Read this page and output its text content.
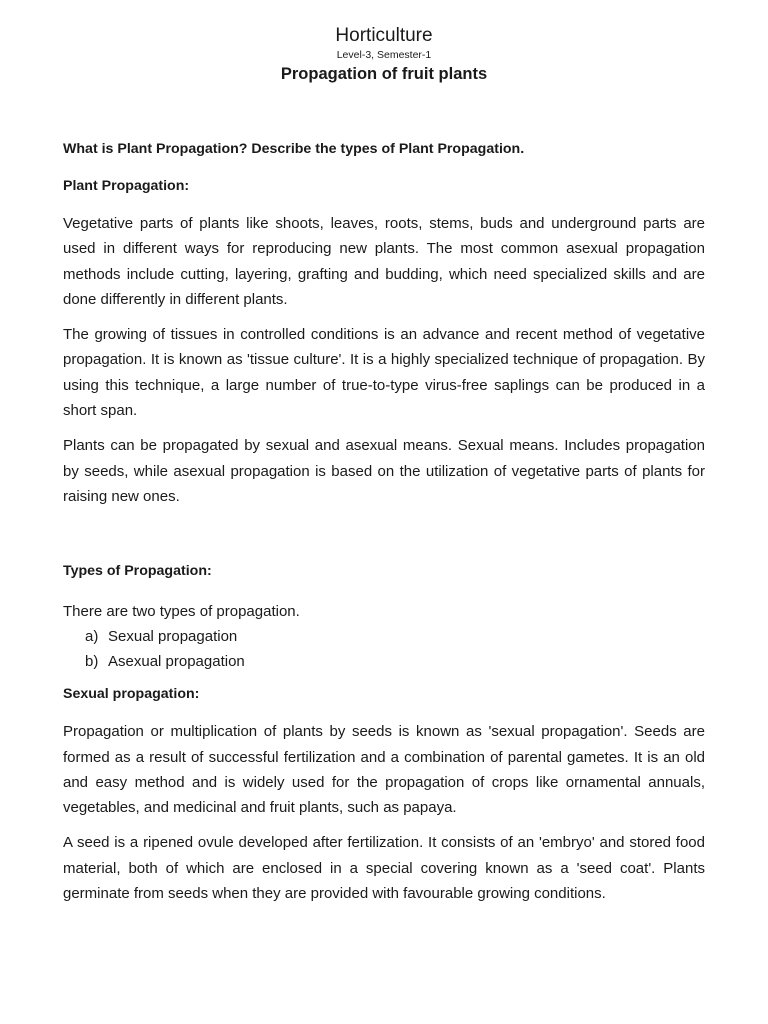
Horticulture
Level-3, Semester-1
Propagation of fruit plants
What is Plant Propagation? Describe the types of Plant Propagation.
Plant Propagation:

Vegetative parts of plants like shoots, leaves, roots, stems, buds and underground parts are used in different ways for reproducing new plants. The most common asexual propagation methods include cutting, layering, grafting and budding, which need specialized skills and are done differently in different plants.

The growing of tissues in controlled conditions is an advance and recent method of vegetative propagation. It is known as 'tissue culture'. It is a highly specialized technique of propagation. By using this technique, a large number of true-to-type virus-free saplings can be produced in a short span.

Plants can be propagated by sexual and asexual means. Sexual means. Includes propagation by seeds, while asexual propagation is based on the utilization of vegetative parts of plants for raising new ones.

Types of Propagation:
There are two types of propagation.
a) Sexual propagation
b) Asexual propagation
Sexual propagation:

Propagation or multiplication of plants by seeds is known as 'sexual propagation'. Seeds are formed as a result of successful fertilization and a combination of parental gametes. It is an old and easy method and is widely used for the propagation of crops like ornamental annuals, vegetables, and medicinal and fruit plants, such as papaya.

A seed is a ripened ovule developed after fertilization. It consists of an 'embryo' and stored food material, both of which are enclosed in a special covering known as a 'seed coat'. Plants germinate from seeds when they are provided with favourable growing conditions.
